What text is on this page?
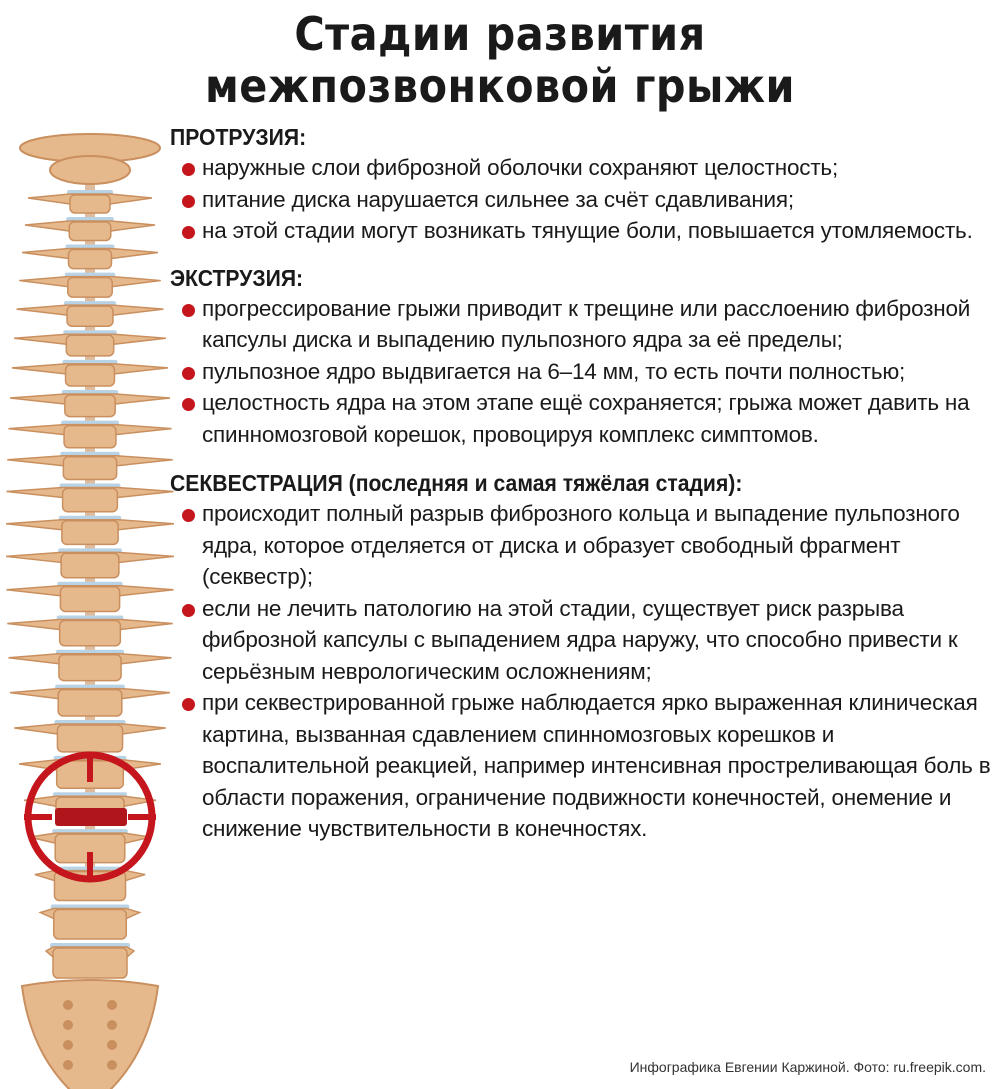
Стадии развития
межпозвонковой грыжи

ПРОТРУЗИЯ:

наружные слои фиброзной оболочки сохраняют целостность;
питание диска нарушается сильнее за счёт сдавливания;
на этой стадии могут возникать тянущие боли, повышается утомляемость.

ЭКСТРУЗИЯ:

прогрессирование грыжи приводит к трещине или расслоению фиброзной капсулы диска и выпадению пульпозного ядра за её пределы;
пульпозное ядро выдвигается на 6–14 мм, то есть почти полностью;
целостность ядра на этом этапе ещё сохраняется; грыжа может давить на спинномозговой корешок, провоцируя комплекс симптомов.

СЕКВЕСТРАЦИЯ (последняя и самая тяжёлая стадия):

происходит полный разрыв фиброзного кольца и выпадение пульпозного ядра, которое отделяется от диска и образует свободный фрагмент (секвестр);
если не лечить патологию на этой стадии, существует риск разрыва фиброзной капсулы с выпадением ядра наружу, что способно привести к серьёзным неврологическим осложнениям;
при секвестрированной грыже наблюдается ярко выраженная клиническая картина, вызванная сдавлением спинномозговых корешков и воспалительной реакцией, например интенсивная простреливающая боль в области поражения, ограничение подвижности конечностей, онемение и снижение чувствительности в конечностях.
Инфографика Евгении Каржиной. Фото: ru.freepik.com.
